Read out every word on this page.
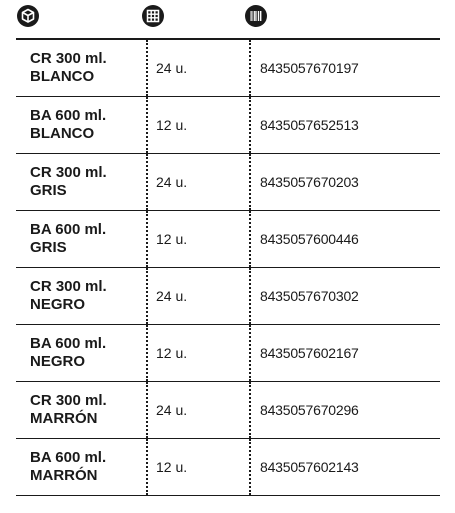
CR 300 ml.
BLANCO	24 u.	8435057670197
BA 600 ml.
BLANCO	12 u.	8435057652513
CR 300 ml.
GRIS	24 u.	8435057670203
BA 600 ml.
GRIS	12 u.	8435057600446
CR 300 ml.
NEGRO	24 u.	8435057670302
BA 600 ml.
NEGRO	12 u.	8435057602167
CR 300 ml.
MARRÓN	24 u.	8435057670296
BA 600 ml.
MARRÓN	12 u.	8435057602143
